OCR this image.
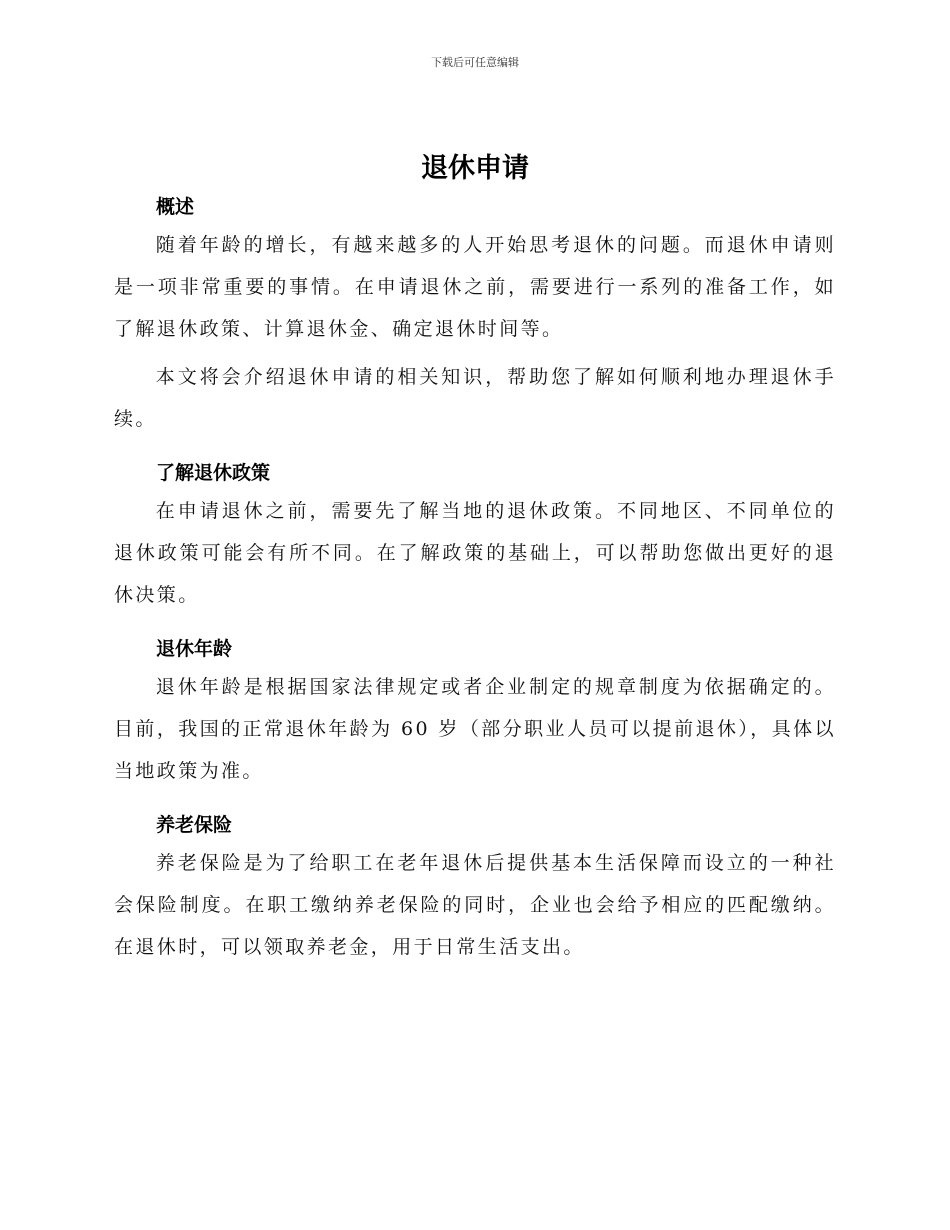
下载后可任意编辑
退休申请
概述

随着年龄的增长，有越来越多的人开始思考退休的问题。而退休申请则是一项非常重要的事情。在申请退休之前，需要进行一系列的准备工作，如了解退休政策、计算退休金、确定退休时间等。

本文将会介绍退休申请的相关知识，帮助您了解如何顺利地办理退休手续。

了解退休政策

在申请退休之前，需要先了解当地的退休政策。不同地区、不同单位的退休政策可能会有所不同。在了解政策的基础上，可以帮助您做出更好的退休决策。

退休年龄

退休年龄是根据国家法律规定或者企业制定的规章制度为依据确定的。目前，我国的正常退休年龄为 60 岁（部分职业人员可以提前退休），具体以当地政策为准。

养老保险

养老保险是为了给职工在老年退休后提供基本生活保障而设立的一种社会保险制度。在职工缴纳养老保险的同时，企业也会给予相应的匹配缴纳。在退休时，可以领取养老金，用于日常生活支出。
